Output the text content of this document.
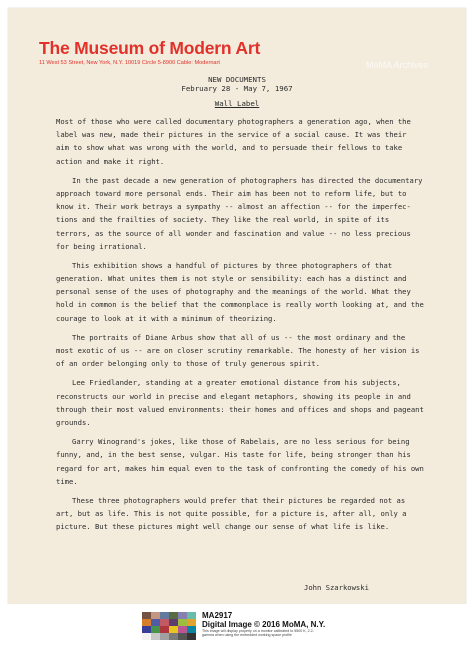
The Museum of Modern Art
11 West 53 Street, New York, N.Y. 10019 Circle 5-8900 Cable: Modernart	MoMA Archives
NEW DOCUMENTS
February 28 - May 7, 1967
Wall Label
Most of those who were called documentary photographers a generation ago, when the
label was new, made their pictures in the service of a social cause. It was their
aim to show what was wrong with the world, and to persuade their fellows to take
action and make it right.
In the past decade a new generation of photographers has directed the documentary
approach toward more personal ends. Their aim has been not to reform life, but to
know it. Their work betrays a sympathy -- almost an affection -- for the imperfec-
tions and the frailties of society. They like the real world, in spite of its
terrors, as the source of all wonder and fascination and value -- no less precious
for being irrational.
This exhibition shows a handful of pictures by three photographers of that
generation. What unites them is not style or sensibility: each has a distinct and
personal sense of the uses of photography and the meanings of the world. What they
hold in common is the belief that the commonplace is really worth looking at, and the
courage to look at it with a minimum of theorizing.
The portraits of Diane Arbus show that all of us -- the most ordinary and the
most exotic of us -- are on closer scrutiny remarkable. The honesty of her vision is
of an order belonging only to those of truly generous spirit.
Lee Friedlander, standing at a greater emotional distance from his subjects,
reconstructs our world in precise and elegant metaphors, showing its people in and
through their most valued environments: their homes and offices and shops and pageant
grounds.
Garry Winogrand's jokes, like those of Rabelais, are no less serious for being
funny, and, in the best sense, vulgar. His taste for life, being stronger than his
regard for art, makes him equal even to the task of confronting the comedy of his own
time.
These three photographers would prefer that their pictures be regarded not as
art, but as life. This is not quite possible, for a picture is, after all, only a
picture. But these pictures might well change our sense of what life is like.
John Szarkowski
MA2917
Digital Image © 2016 MoMA, N.Y.
This image will display properly on a monitor calibrated to 5500 K, 2.2-
gamma when using the embedded working space profile
